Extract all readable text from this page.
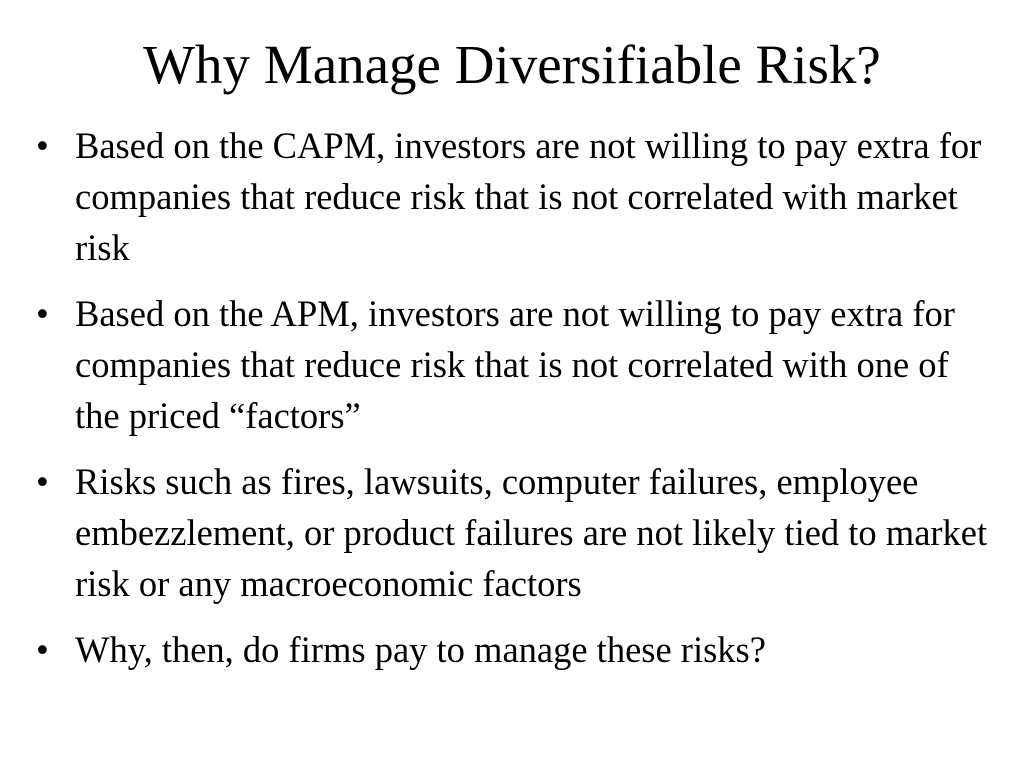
Why Manage Diversifiable Risk?
• Based on the CAPM, investors are not willing to pay extra for companies that reduce risk that is not correlated with market risk
• Based on the APM, investors are not willing to pay extra for companies that reduce risk that is not correlated with one of the priced “factors”
• Risks such as fires, lawsuits, computer failures, employee embezzlement, or product failures are not likely tied to market risk or any macroeconomic factors
• Why, then, do firms pay to manage these risks?
